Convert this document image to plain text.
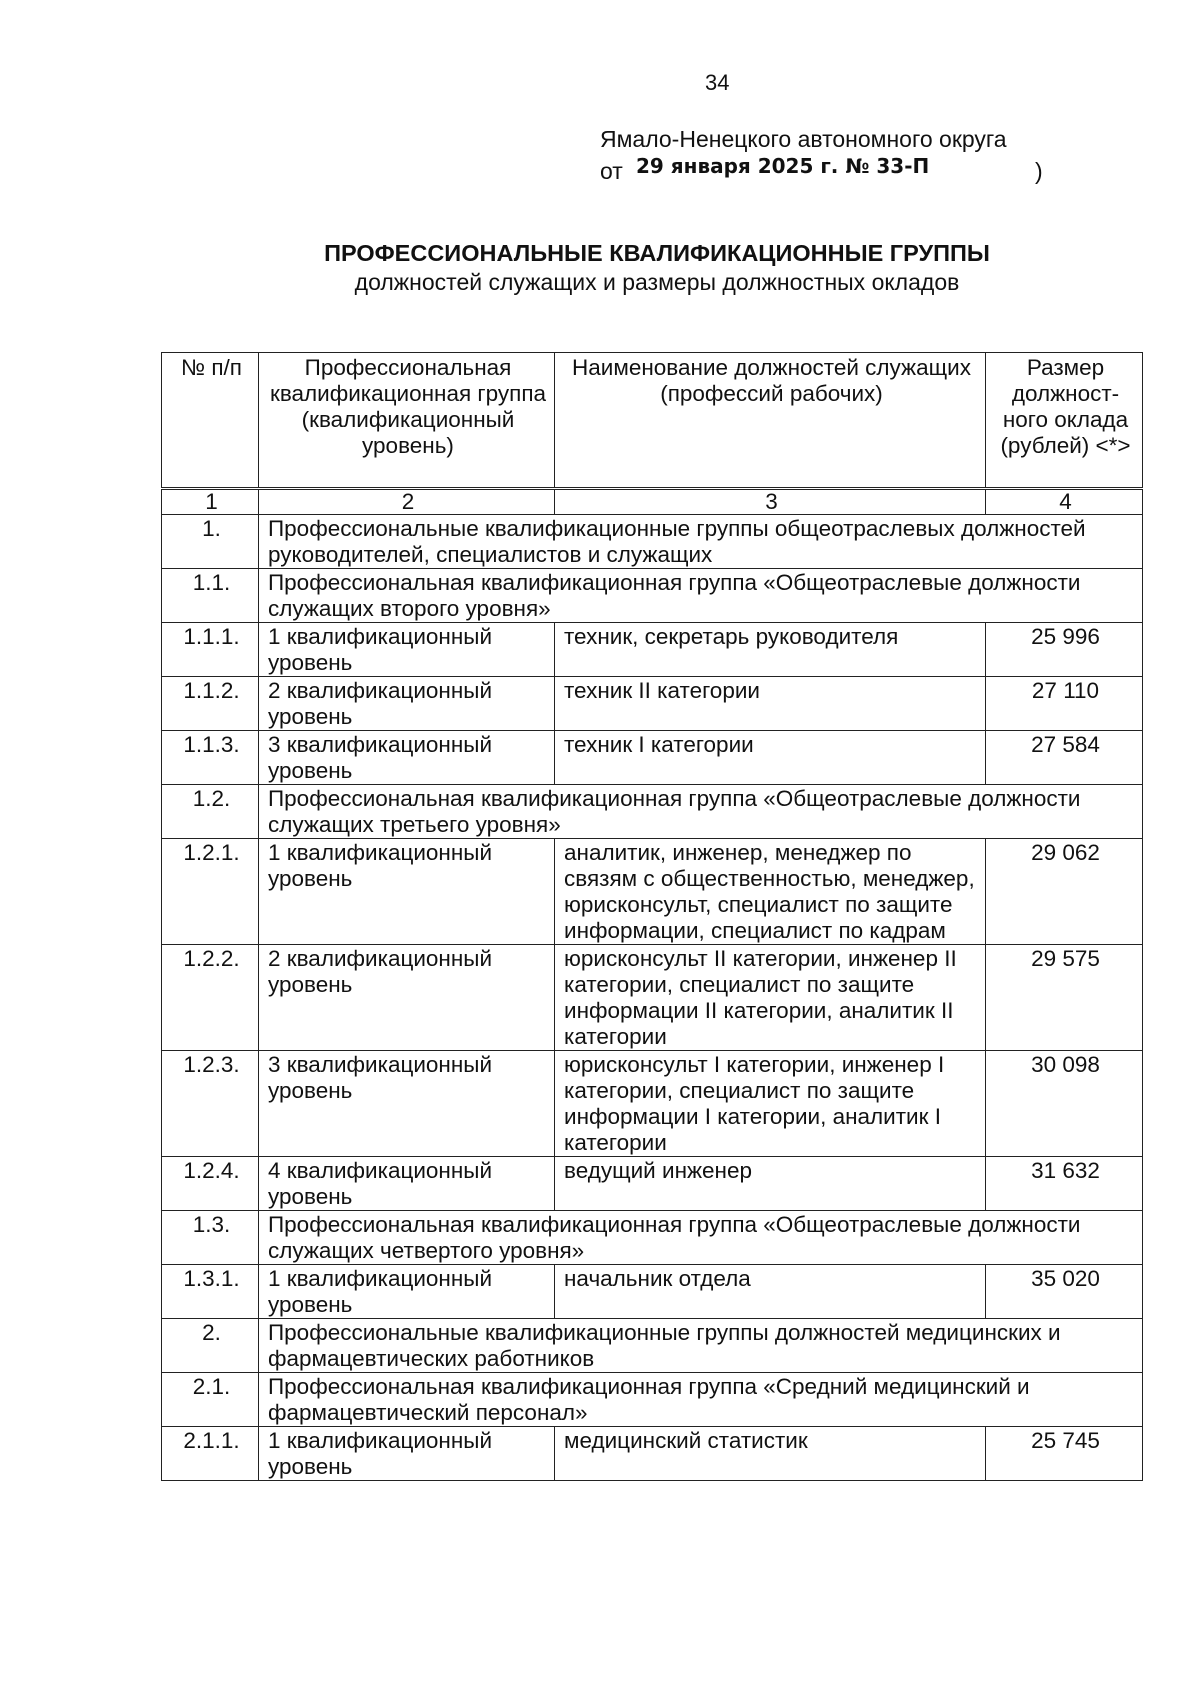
34
Ямало-Ненецкого автономного округа
от 29 января 2025 г. № 33-П	)
ПРОФЕССИОНАЛЬНЫЕ КВАЛИФИКАЦИОННЫЕ ГРУППЫ
должностей служащих и размеры должностных окладов
№ п/п	Профессиональная квалификационная группа (квалификационный уровень)	Наименование должностей служащих (профессий рабочих)	Размер должност-ного оклада (рублей) <*>
1	2	3	4
1.	Профессиональные квалификационные группы общеотраслевых должностей руководителей, специалистов и служащих		
1.1.	Профессиональная квалификационная группа «Общеотраслевые должности служащих второго уровня»		
1.1.1.	1 квалификационный уровень	техник, секретарь руководителя	25 996
1.1.2.	2 квалификационный уровень	техник II категории	27 110
1.1.3.	3 квалификационный уровень	техник I категории	27 584
1.2.	Профессиональная квалификационная группа «Общеотраслевые должности служащих третьего уровня»		
1.2.1.	1 квалификационный уровень	аналитик, инженер, менеджер по связям с общественностью, менеджер, юрисконсульт, специалист по защите информации, специалист по кадрам	29 062
1.2.2.	2 квалификационный уровень	юрисконсульт II категории, инженер II категории, специалист по защите информации II категории, аналитик II категории	29 575
1.2.3.	3 квалификационный уровень	юрисконсульт I категории, инженер I категории, специалист по защите информации I категории, аналитик I категории	30 098
1.2.4.	4 квалификационный уровень	ведущий инженер	31 632
1.3.	Профессиональная квалификационная группа «Общеотраслевые должности служащих четвертого уровня»		
1.3.1.	1 квалификационный уровень	начальник отдела	35 020
2.	Профессиональные квалификационные группы должностей медицинских и фармацевтических работников		
2.1.	Профессиональная квалификационная группа «Средний медицинский и фармацевтический персонал»		
2.1.1.	1 квалификационный уровень	медицинский статистик	25 745
